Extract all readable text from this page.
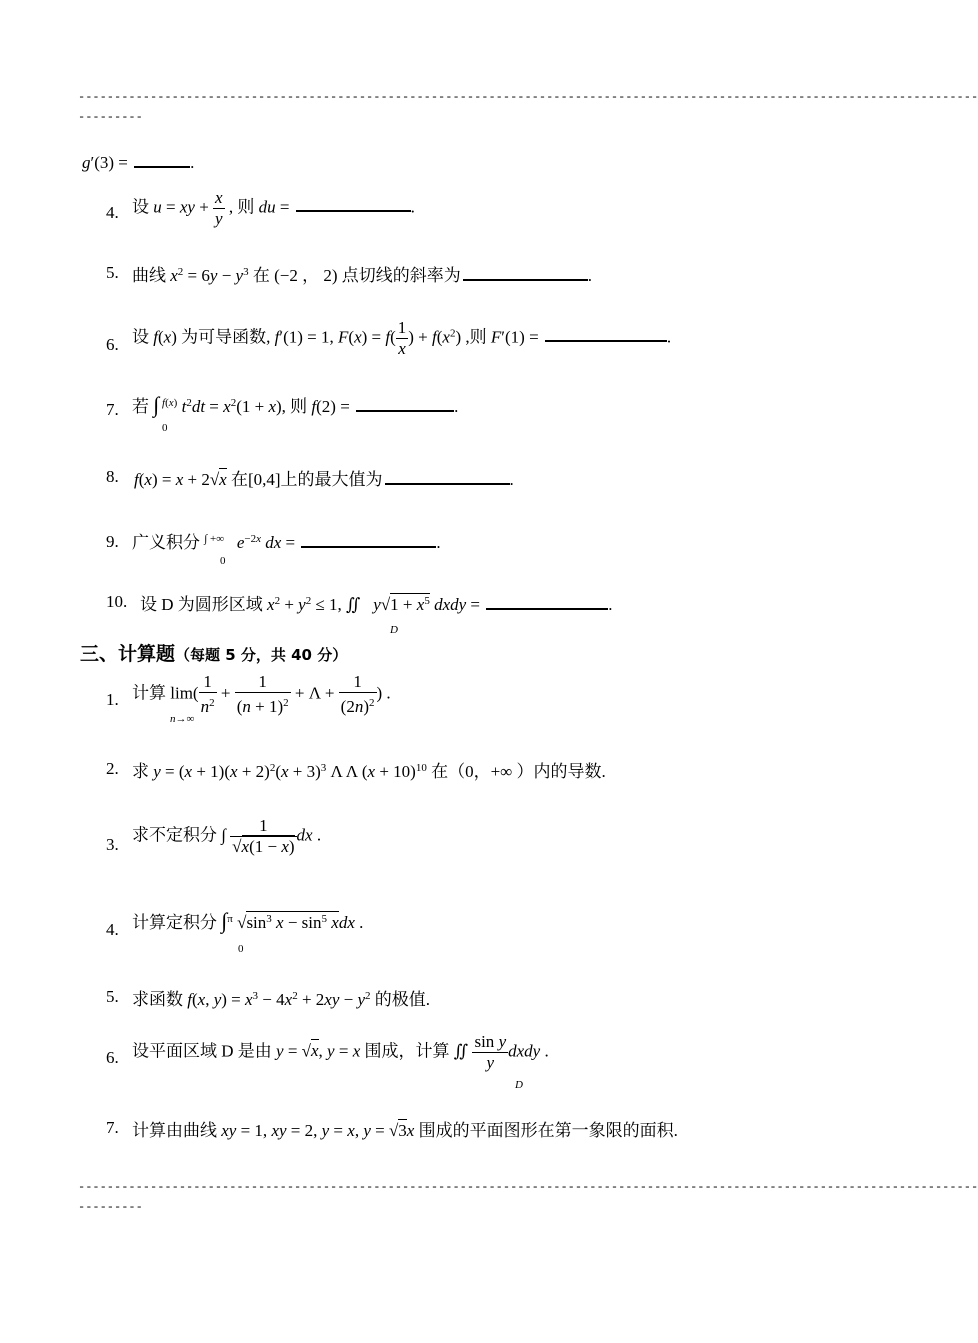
-----------------------------------------------------------------------------------------------------------------------------
---------
g′(3) =	.
4. 设 u = xy + $\frac{x}{y}$ , 则 du =	.
5. 曲线 $x^2 = 6y - y^3$ 在 (−2 ， 2) 点切线的斜率为	.
6. 设 f(x) 为可导函数, f′(1) = 1, $F(x) = f( \frac{1}{x}$ ) + $f(x^2)$ ,则 F′(1) =	.
7. 若 ∫ $^{f(x)}$ $t^2dt = x^2(1 + x)$, 则 f(2) =	.
0
8. f(x) = x + 2√x 在[0,4]上的最大值为	.
9. 广义积分 ∫ +∞ $e^{-2x}$ dx =	.
0
10. 设 D 为圆形区域 $x^2 + y^2 \le 1$, ∬   $y√1 + x^5$ dxdy =	.
D
三、计算题（每题 5 分，共 40 分）
1. 计算 $\lim( \frac{1}{n^2} + \frac{1}{(n + 1)^2} + \Lambda + \frac{1}{(2n)^2}$ ) .
n→∞
2. 求 $y = (x + 1)(x + 2)^2(x + 3)^3$ Λ Λ $(x + 10)^{10}$ 在（0，+∞ ）内的导数.
3.
求不定积分 ∫ $\frac{1}{√x(1 - x)}$ dx .
4. 计算定积分 ∫$^\pi$ $√\sin^3$ $x - \sin^5$ xdx .
0
5. 求函数 f(x, $y) = x^3 - 4x^2 + 2xy - y^2$ 的极值.
6. 设平面区域 D 是由 y = √x, y = x 围成，计算 ∬ $\frac{\text{sin y}}{y}$ dxdy .
D
7. 计算由曲线 xy = 1, xy = 2, y = x, y = √3x 围成的平面图形在第一象限的面积.
-----------------------------------------------------------------------------------------------------------------------------
---------
